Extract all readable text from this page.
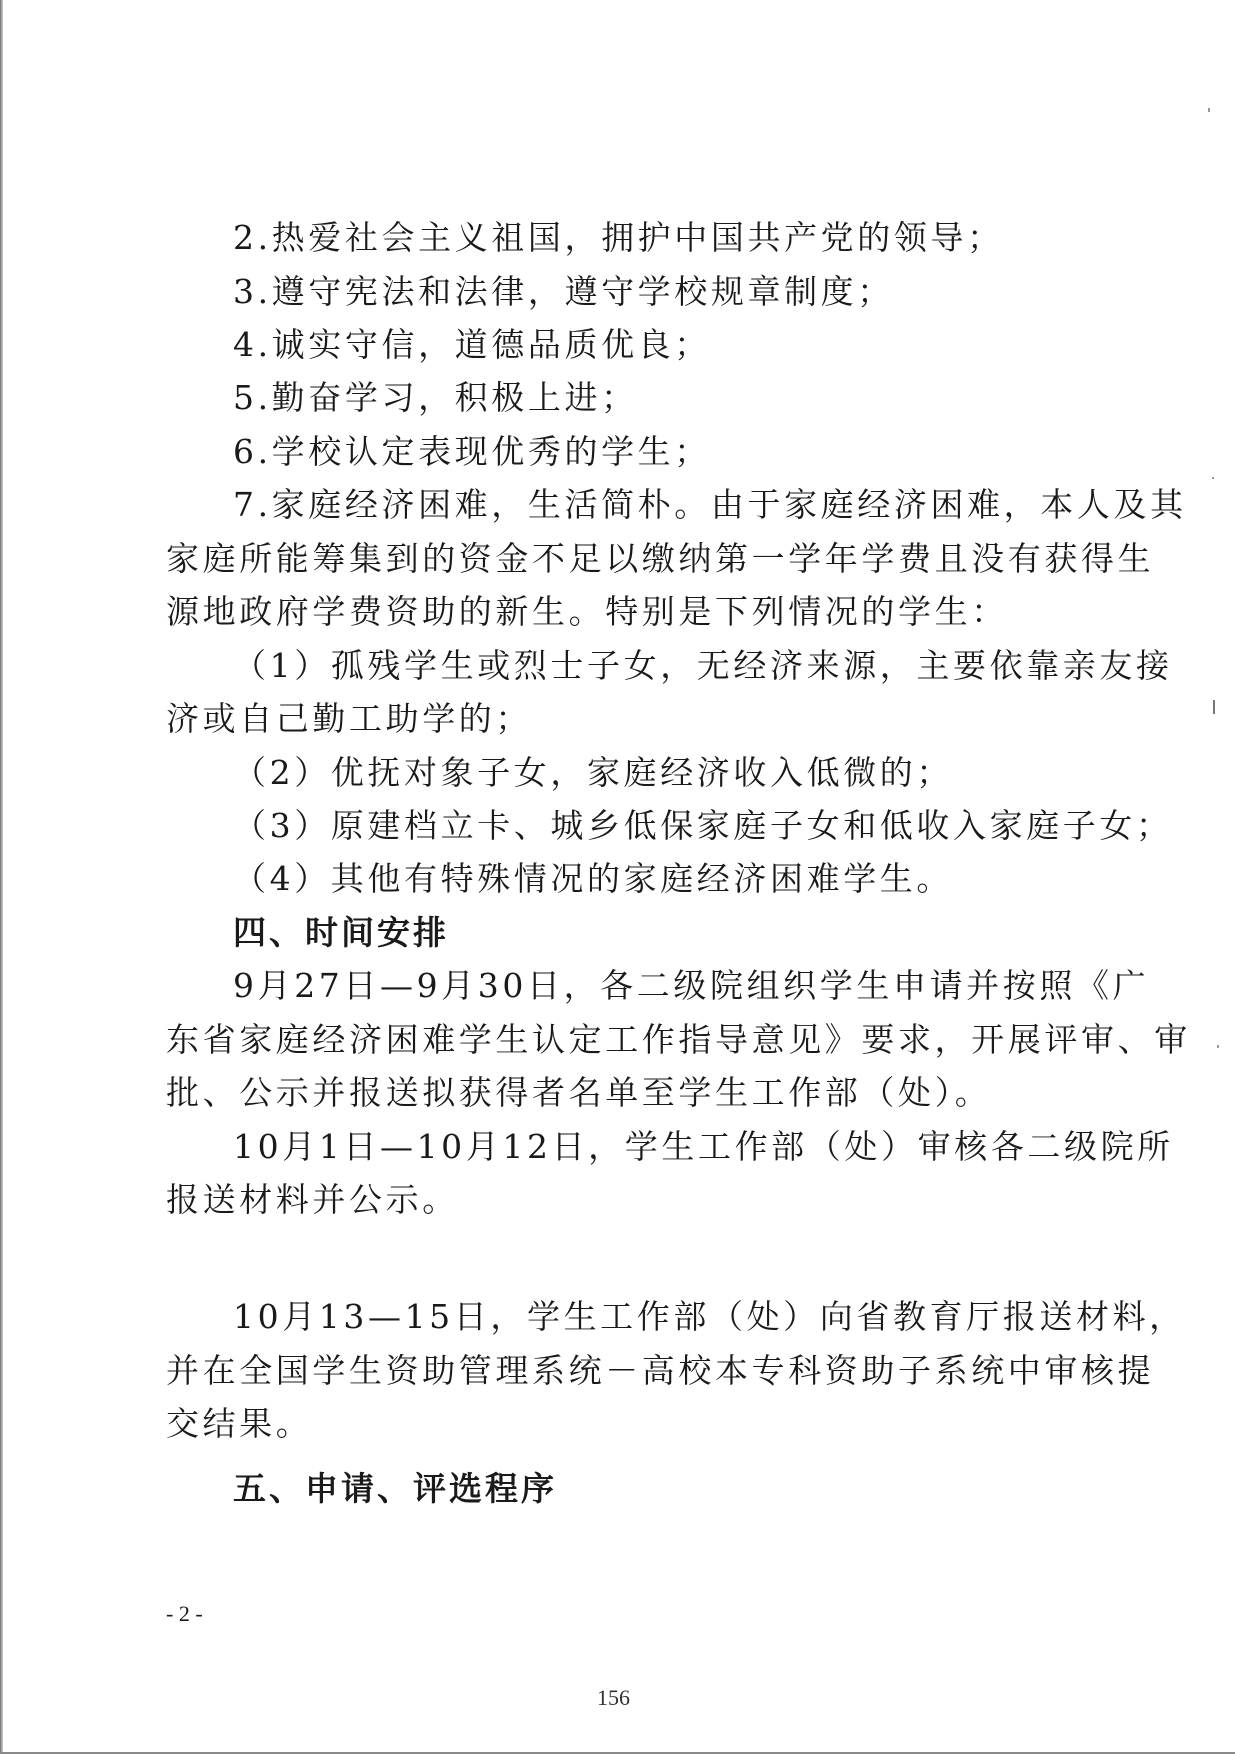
2.热爱社会主义祖国，拥护中国共产党的领导；
3.遵守宪法和法律，遵守学校规章制度；
4.诚实守信，道德品质优良；
5.勤奋学习，积极上进；
6.学校认定表现优秀的学生；
7.家庭经济困难，生活简朴。由于家庭经济困难，本人及其
家庭所能筹集到的资金不足以缴纳第一学年学费且没有获得生
源地政府学费资助的新生。特别是下列情况的学生：
（1）孤残学生或烈士子女，无经济来源，主要依靠亲友接
济或自己勤工助学的；
（2）优抚对象子女，家庭经济收入低微的；
（3）原建档立卡、城乡低保家庭子女和低收入家庭子女；
（4）其他有特殊情况的家庭经济困难学生。
四、时间安排
9月27日—9月30日，各二级院组织学生申请并按照《广
东省家庭经济困难学生认定工作指导意见》要求，开展评审、审
批、公示并报送拟获得者名单至学生工作部（处）。
10月1日—10月12日，学生工作部（处）审核各二级院所
报送材料并公示。
10月13—15日，学生工作部（处）向省教育厅报送材料，
并在全国学生资助管理系统－高校本专科资助子系统中审核提
交结果。
五、申请、评选程序
- 2 -
156
